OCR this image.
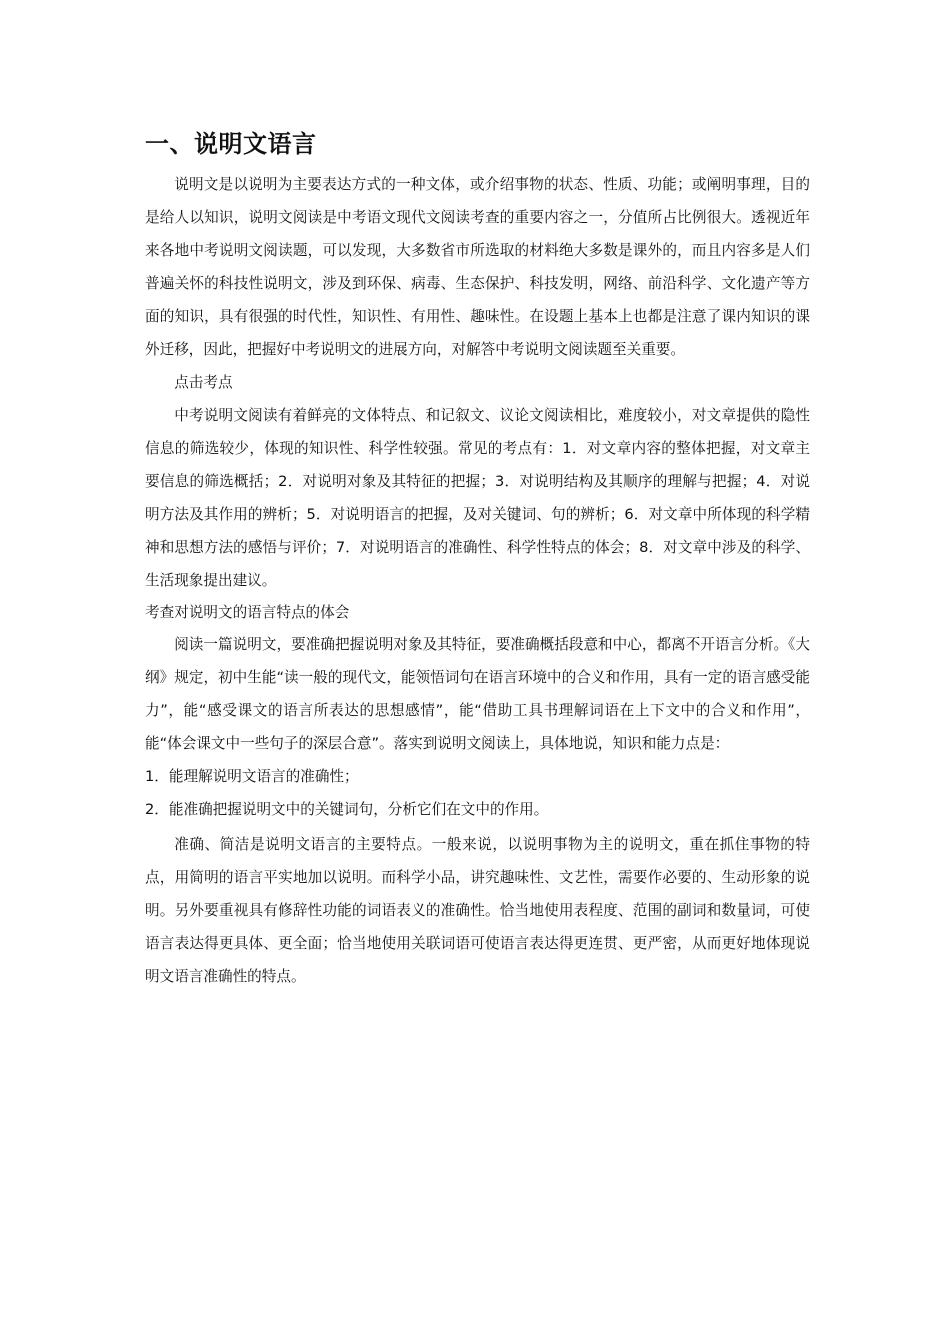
一、说明文语言

说明文是以说明为主要表达方式的一种文体，或介绍事物的状态、性质、功能；或阐明事理，目的是给人以知识，说明文阅读是中考语文现代文阅读考查的重要内容之一，分值所占比例很大。透视近年来各地中考说明文阅读题，可以发现，大多数省市所选取的材料绝大多数是课外的，而且内容多是人们普遍关怀的科技性说明文，涉及到环保、病毒、生态保护、科技发明，网络、前沿科学、文化遗产等方面的知识，具有很强的时代性，知识性、有用性、趣味性。在设题上基本上也都是注意了课内知识的课外迁移，因此，把握好中考说明文的进展方向，对解答中考说明文阅读题至关重要。

点击考点

中考说明文阅读有着鲜亮的文体特点、和记叙文、议论文阅读相比，难度较小，对文章提供的隐性信息的筛选较少，体现的知识性、科学性较强。常见的考点有：1．对文章内容的整体把握，对文章主要信息的筛选概括；2．对说明对象及其特征的把握；3．对说明结构及其顺序的理解与把握；4．对说明方法及其作用的辨析；5．对说明语言的把握，及对关键词、句的辨析；6．对文章中所体现的科学精神和思想方法的感悟与评价；7．对说明语言的准确性、科学性特点的体会；8．对文章中涉及的科学、生活现象提出建议。

考查对说明文的语言特点的体会

阅读一篇说明文，要准确把握说明对象及其特征，要准确概括段意和中心，都离不开语言分析。《大纲》规定，初中生能“读一般的现代文，能领悟词句在语言环境中的合义和作用，具有一定的语言感受能力”，能“感受课文的语言所表达的思想感情”，能“借助工具书理解词语在上下文中的合义和作用”，能“体会课文中一些句子的深层合意”。落实到说明文阅读上，具体地说，知识和能力点是：

1．能理解说明文语言的准确性；

2．能准确把握说明文中的关键词句，分析它们在文中的作用。

准确、简洁是说明文语言的主要特点。一般来说，以说明事物为主的说明文，重在抓住事物的特点，用简明的语言平实地加以说明。而科学小品，讲究趣味性、文艺性，需要作必要的、生动形象的说明。另外要重视具有修辞性功能的词语表义的准确性。恰当地使用表程度、范围的副词和数量词，可使语言表达得更具体、更全面；恰当地使用关联词语可使语言表达得更连贯、更严密，从而更好地体现说明文语言准确性的特点。
